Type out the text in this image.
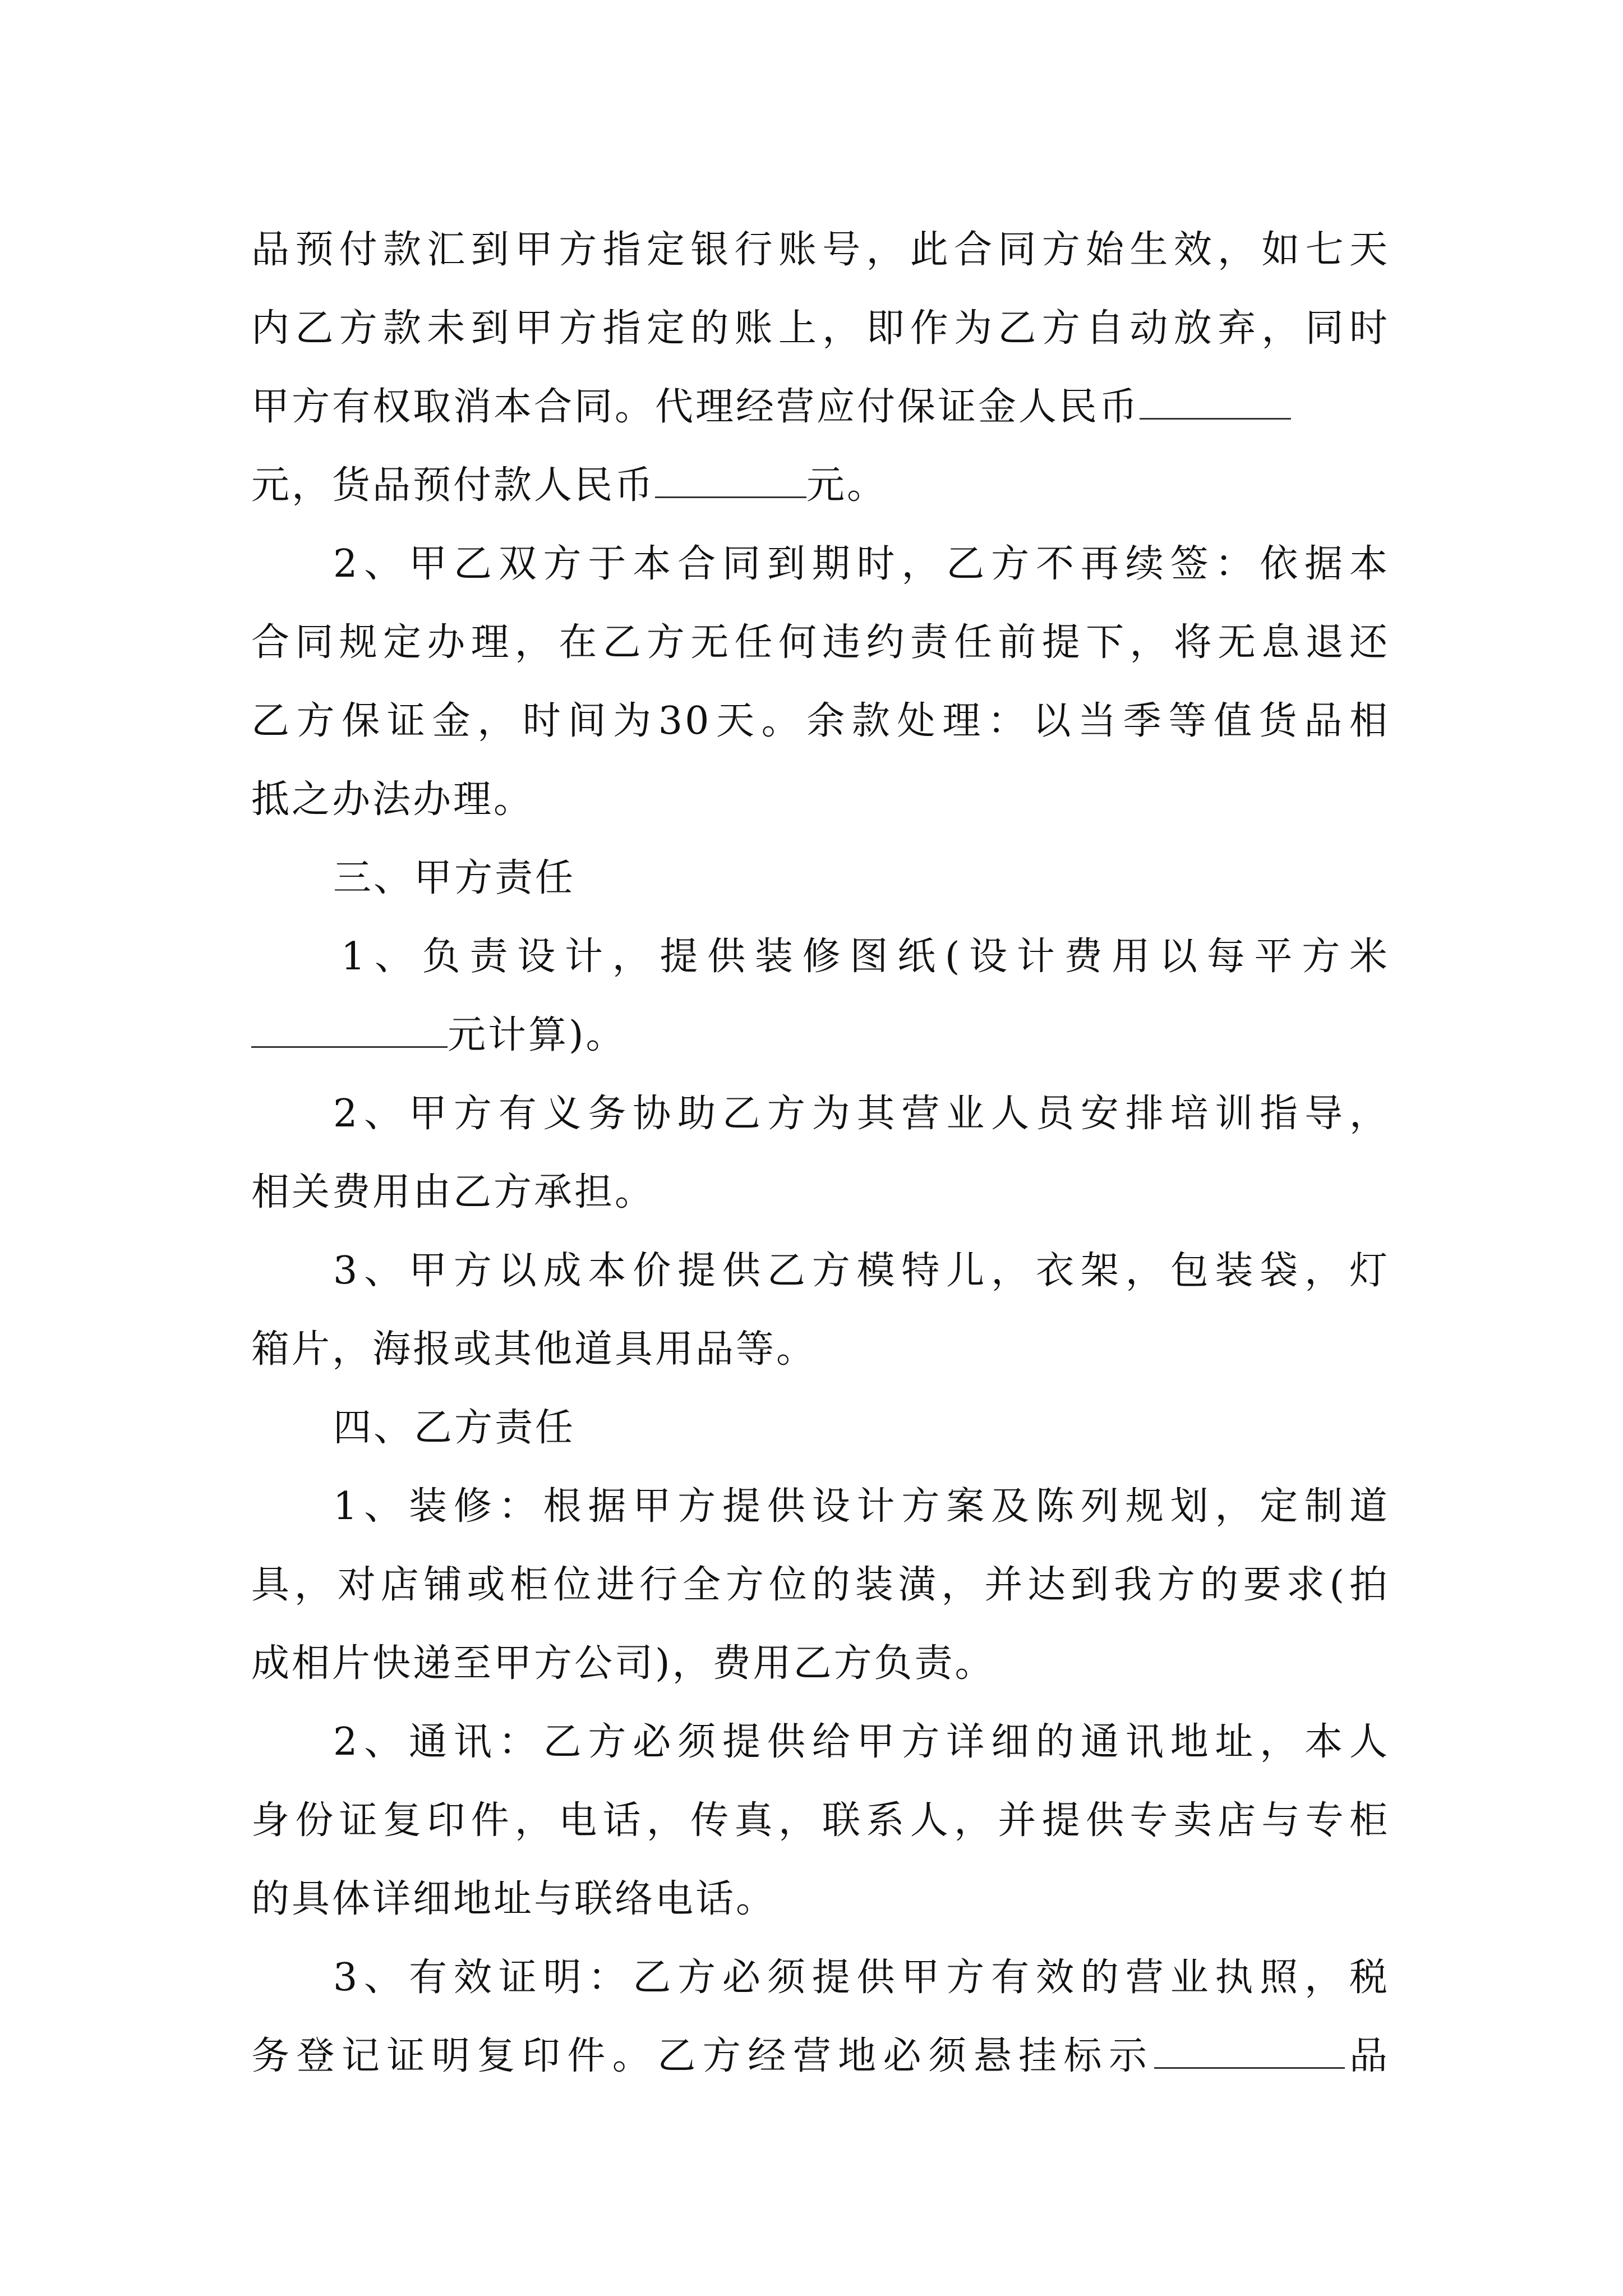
品预付款汇到甲方指定银行账号，此合同方始生效，如七天
内乙方款未到甲方指定的账上，即作为乙方自动放弃，同时
甲方有权取消本合同。代理经营应付保证金人民币
元，货品预付款人民币	元。
2、甲乙双方于本合同到期时，乙方不再续签：依据本
合同规定办理，在乙方无任何违约责任前提下，将无息退还
乙方保证金，时间为30天。余款处理：以当季等值货品相
抵之办法办理。
三、甲方责任
1、负责设计，提供装修图纸(设计费用以每平方米
元计算)。
2、甲方有义务协助乙方为其营业人员安排培训指导，
相关费用由乙方承担。
3、甲方以成本价提供乙方模特儿，衣架，包装袋，灯
箱片，海报或其他道具用品等。
四、乙方责任
1、装修：根据甲方提供设计方案及陈列规划，定制道
具，对店铺或柜位进行全方位的装潢，并达到我方的要求(拍
成相片快递至甲方公司)，费用乙方负责。
2、通讯：乙方必须提供给甲方详细的通讯地址，本人
身份证复印件，电话，传真，联系人，并提供专卖店与专柜
的具体详细地址与联络电话。
3、有效证明：乙方必须提供甲方有效的营业执照，税
务登记证明复印件。乙方经营地必须悬挂标示	品
